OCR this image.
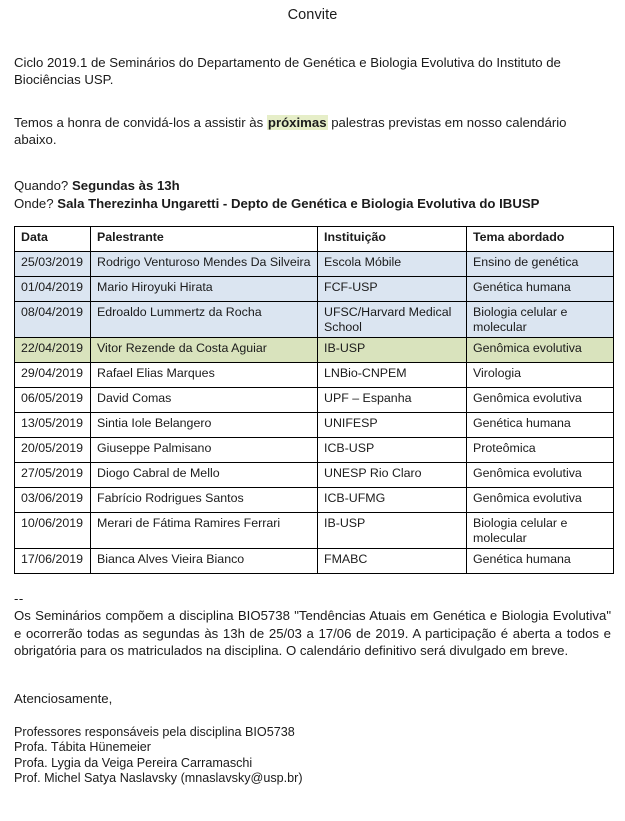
Convite

Ciclo 2019.1 de Seminários do Departamento de Genética e Biologia Evolutiva do Instituto de Biociências USP.

Temos a honra de convidá-los a assistir às próximas palestras previstas em nosso calendário abaixo.

Quando? Segundas às 13h
Onde? Sala Therezinha Ungaretti - Depto de Genética e Biologia Evolutiva do IBUSP
Data	Palestrante	Instituição	Tema abordado
25/03/2019	Rodrigo Venturoso Mendes Da Silveira	Escola Móbile	Ensino de genética
01/04/2019	Mario Hiroyuki Hirata	FCF-USP	Genética humana
08/04/2019	Edroaldo Lummertz da Rocha	UFSC/Harvard Medical School	Biologia celular e molecular
22/04/2019	Vitor Rezende da Costa Aguiar	IB-USP	Genômica evolutiva
29/04/2019	Rafael Elias Marques	LNBio-CNPEM	Virologia
06/05/2019	David Comas	UPF – Espanha	Genômica evolutiva
13/05/2019	Sintia Iole Belangero	UNIFESP	Genética humana
20/05/2019	Giuseppe Palmisano	ICB-USP	Proteômica
27/05/2019	Diogo Cabral de Mello	UNESP Rio Claro	Genômica evolutiva
03/06/2019	Fabrício Rodrigues Santos	ICB-UFMG	Genômica evolutiva
10/06/2019	Merari de Fátima Ramires Ferrari	IB-USP	Biologia celular e molecular
17/06/2019	Bianca Alves Vieira Bianco	FMABC	Genética humana
--

Os Seminários compõem a disciplina BIO5738 "Tendências Atuais em Genética e Biologia Evolutiva" e ocorrerão todas as segundas às 13h de 25/03 a 17/06 de 2019. A participação é aberta a todos e obrigatória para os matriculados na disciplina. O calendário definitivo será divulgado em breve.

Atenciosamente,
Professores responsáveis pela disciplina BIO5738
Profa. Tábita Hünemeier
Profa. Lygia da Veiga Pereira Carramaschi
Prof. Michel Satya Naslavsky (mnaslavsky@usp.br)
